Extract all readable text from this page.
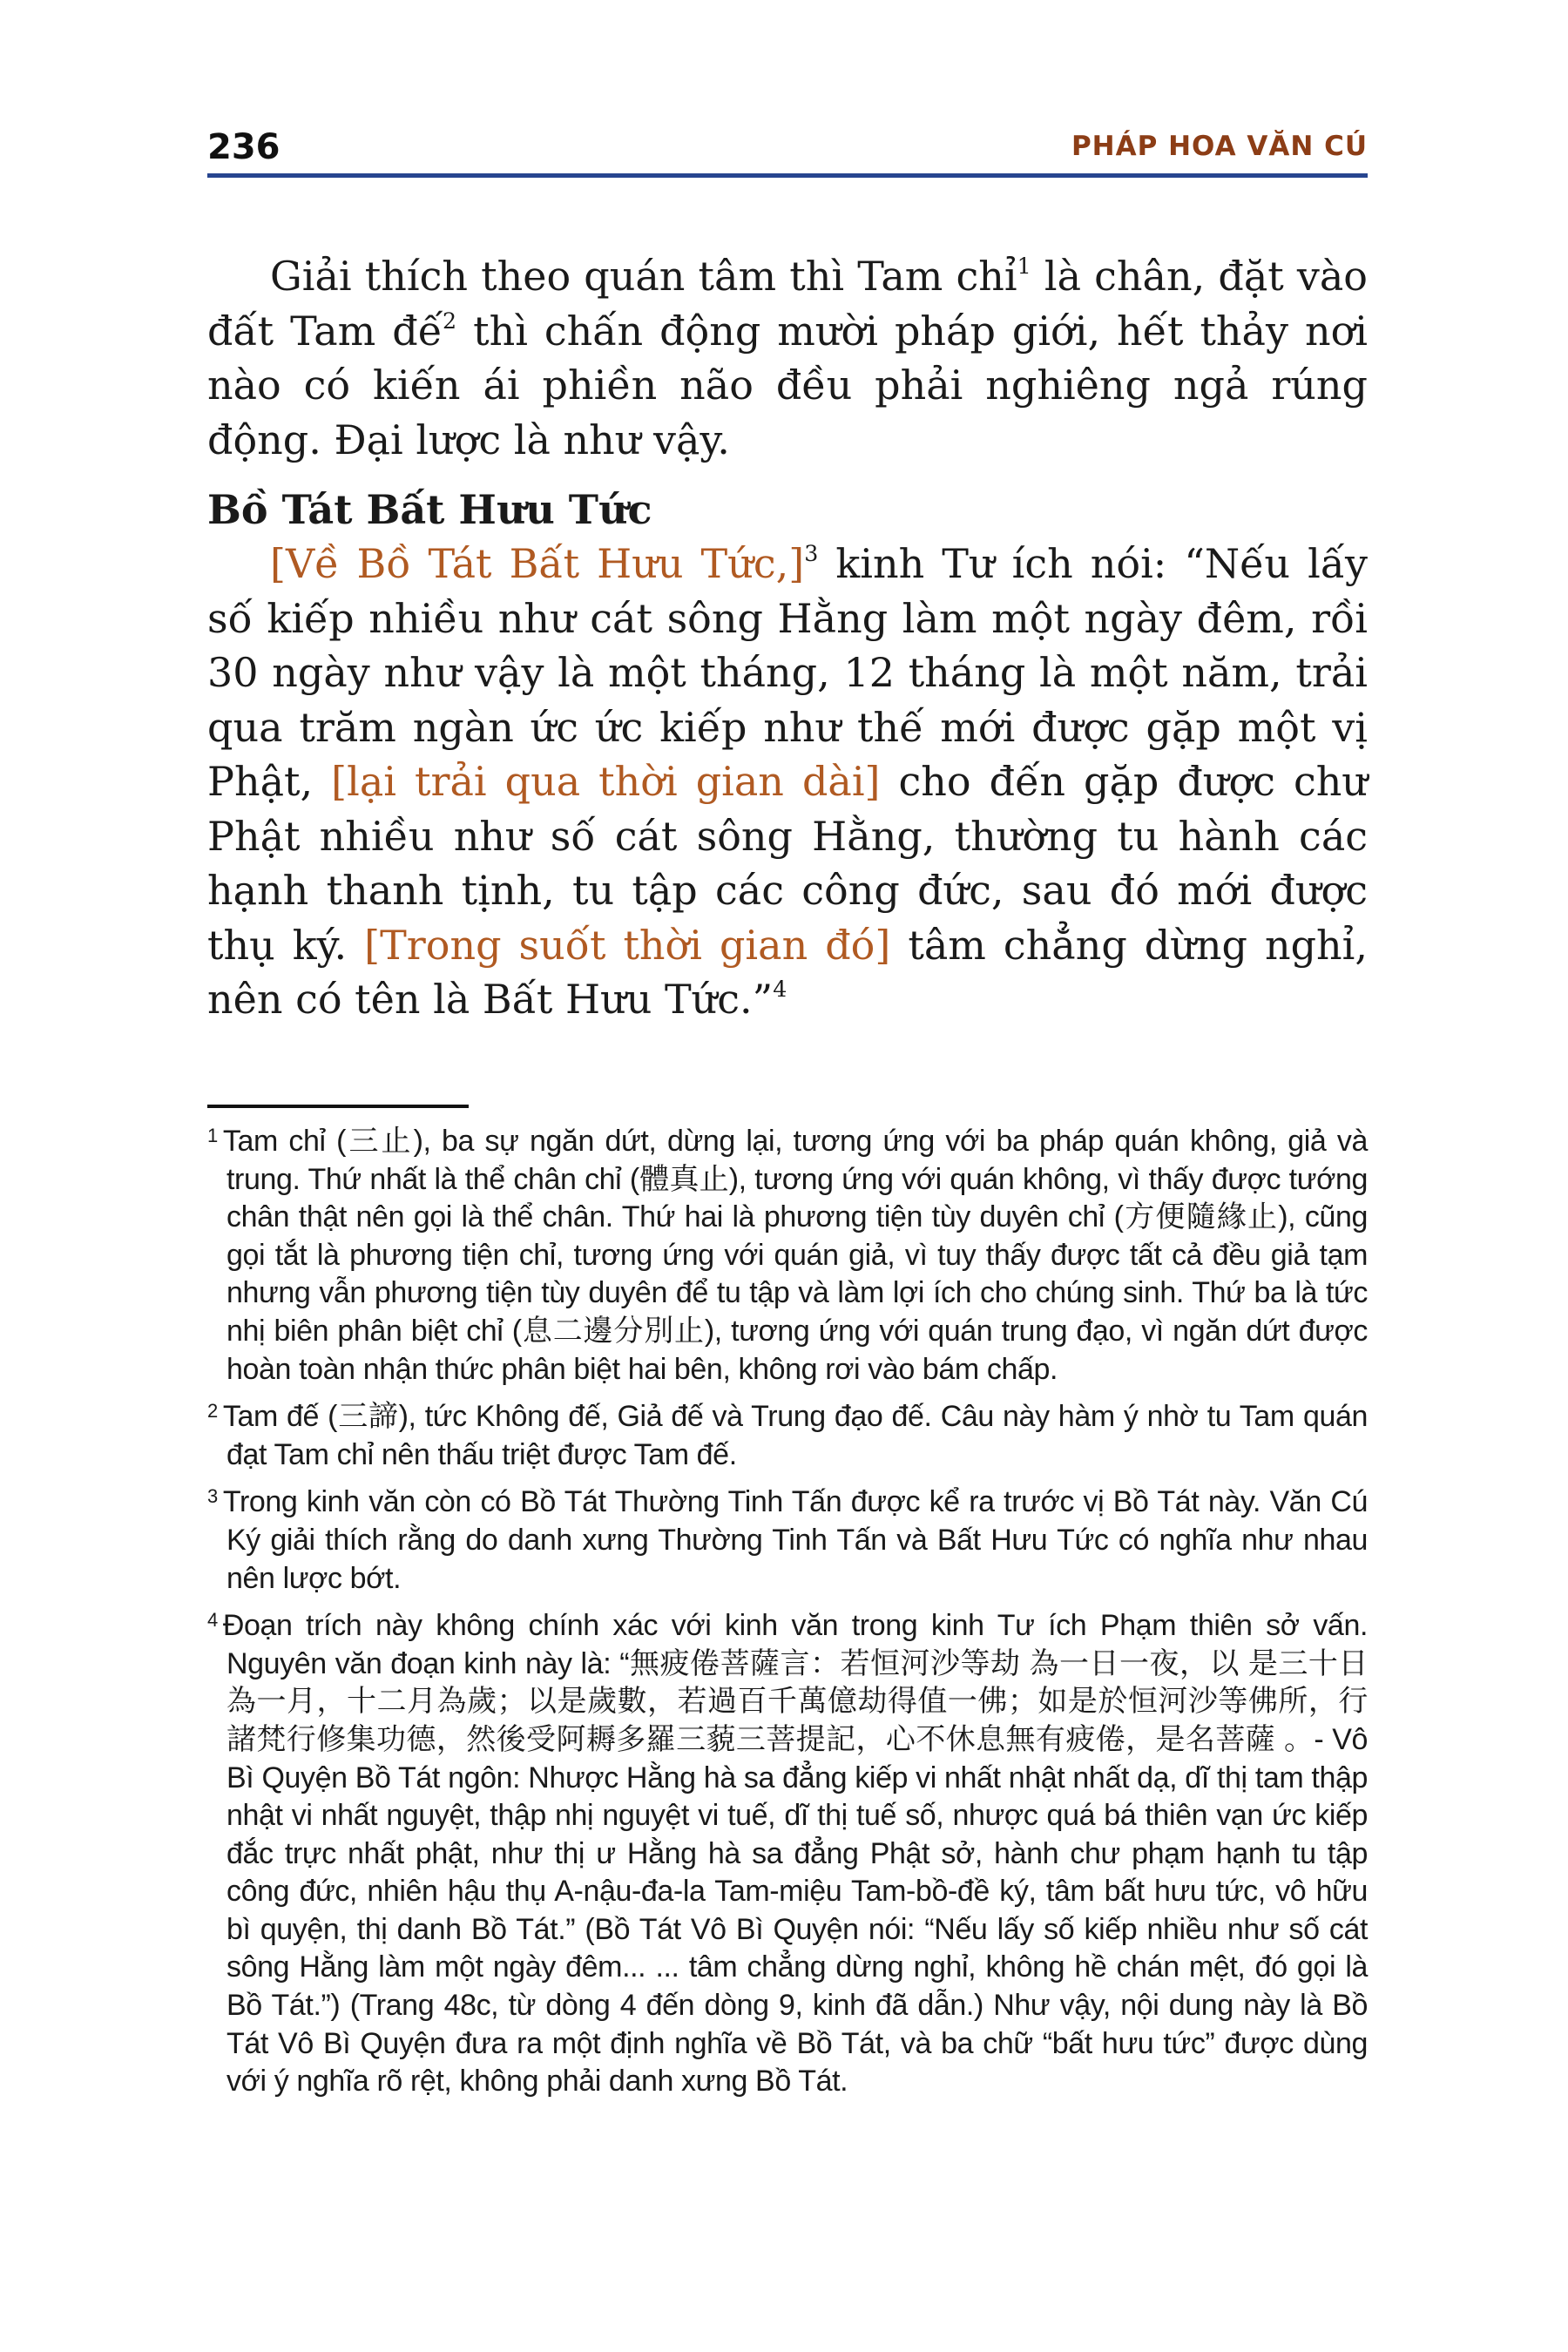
236	PHÁP HOA VĂN CÚ

Giải thích theo quán tâm thì Tam chỉ$^1$ là chân, đặt vào đất Tam đế$^2$ thì chấn động mười pháp giới, hết thảy nơi nào có kiến ái phiền não đều phải nghiêng ngả rúng động. Đại lược là như vậy.

Bồ Tát Bất Hưu Tức

[Về Bồ Tát Bất Hưu Tức,]$^3$ kinh Tư ích nói: “Nếu lấy số kiếp nhiều như cát sông Hằng làm một ngày đêm, rồi 30 ngày như vậy là một tháng, 12 tháng là một năm, trải qua trăm ngàn ức ức kiếp như thế mới được gặp một vị Phật, [lại trải qua thời gian dài] cho đến gặp được chư Phật nhiều như số cát sông Hằng, thường tu hành các hạnh thanh tịnh, tu tập các công đức, sau đó mới được thụ ký. [Trong suốt thời gian đó] tâm chẳng dừng nghỉ, nên có tên là Bất Hưu Tức.”$^4$

$^1$ Tam chỉ (三止), ba sự ngăn dứt, dừng lại, tương ứng với ba pháp quán không, giả và trung. Thứ nhất là thể chân chỉ (體真止), tương ứng với quán không, vì thấy được tướng chân thật nên gọi là thể chân. Thứ hai là phương tiện tùy duyên chỉ (方便隨緣止), cũng gọi tắt là phương tiện chỉ, tương ứng với quán giả, vì tuy thấy được tất cả đều giả tạm nhưng vẫn phương tiện tùy duyên để tu tập và làm lợi ích cho chúng sinh. Thứ ba là tức nhị biên phân biệt chỉ (息二邊分別止), tương ứng với quán trung đạo, vì ngăn dứt được hoàn toàn nhận thức phân biệt hai bên, không rơi vào bám chấp.

$^2$ Tam đế (三諦), tức Không đế, Giả đế và Trung đạo đế. Câu này hàm ý nhờ tu Tam quán đạt Tam chỉ nên thấu triệt được Tam đế.

$^3$ Trong kinh văn còn có Bồ Tát Thường Tinh Tấn được kể ra trước vị Bồ Tát này. Văn Cú Ký giải thích rằng do danh xưng Thường Tinh Tấn và Bất Hưu Tức có nghĩa như nhau nên lược bớt.

$^4$ Đoạn trích này không chính xác với kinh văn trong kinh Tư ích Phạm thiên sở vấn. Nguyên văn đoạn kinh này là: “無疲倦菩薩言：若恒河沙等劫 為一日一夜，以 是三十日為一月，十二月為歲；以是歲數，若過百千萬億劫得值一佛；如是於恒河沙等佛所，行諸梵行修集功德，然後受阿耨多羅三藐三菩提記，心不休息無有疲倦，是名菩薩 。- Vô Bì Quyện Bồ Tát ngôn: Nhược Hằng hà sa đẳng kiếp vi nhất nhật nhất dạ, dĩ thị tam thập nhật vi nhất nguyệt, thập nhị nguyệt vi tuế, dĩ thị tuế số, nhược quá bá thiên vạn ức kiếp đắc trực nhất phật, như thị ư Hằng hà sa đẳng Phật sở, hành chư phạm hạnh tu tập công đức, nhiên hậu thụ A-nậu-đa-la Tam-miệu Tam-bồ-đề ký, tâm bất hưu tức, vô hữu bì quyện, thị danh Bồ Tát.” (Bồ Tát Vô Bì Quyện nói: “Nếu lấy số kiếp nhiều như số cát sông Hằng làm một ngày đêm... ... tâm chẳng dừng nghỉ, không hề chán mệt, đó gọi là Bồ Tát.”) (Trang 48c, từ dòng 4 đến dòng 9, kinh đã dẫn.) Như vậy, nội dung này là Bồ Tát Vô Bì Quyện đưa ra một định nghĩa về Bồ Tát, và ba chữ “bất hưu tức” được dùng với ý nghĩa rõ rệt, không phải danh xưng Bồ Tát.
